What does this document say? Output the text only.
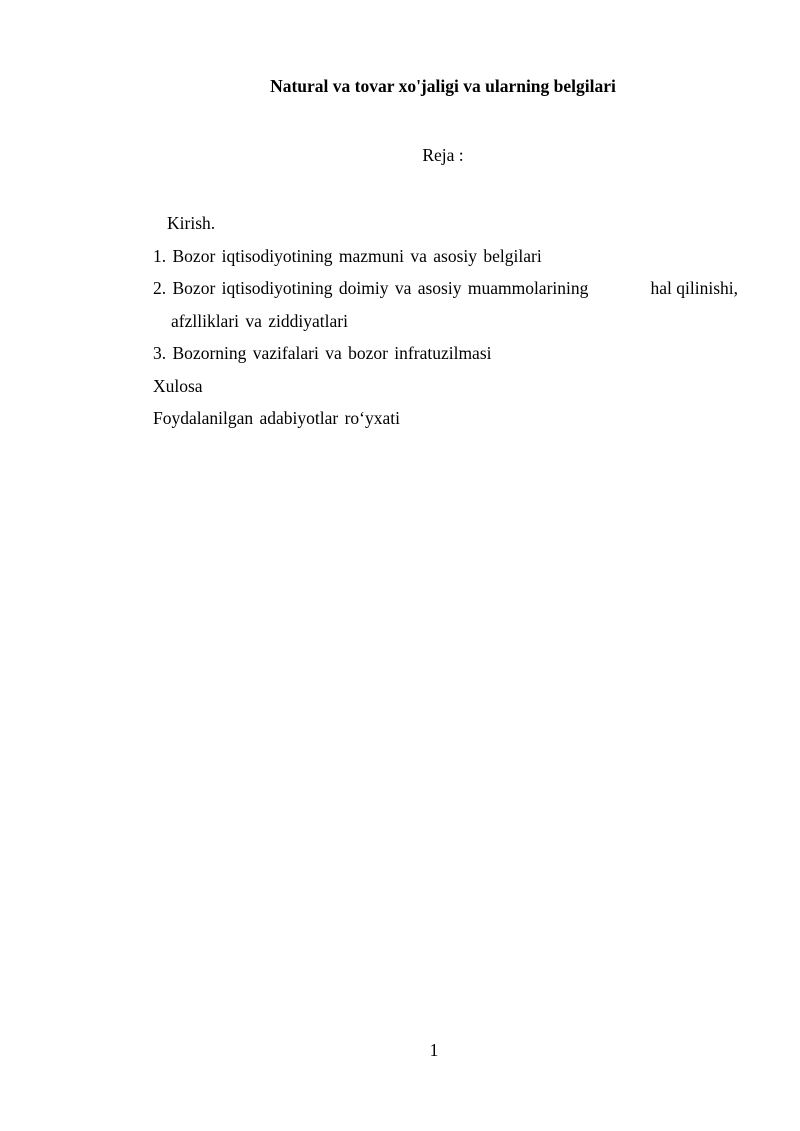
Natural va tovar xo'jaligi va ularning belgilari
Reja :
Kirish.
1. Bozor iqtisodiyotining mazmuni va asosiy belgilari
2. Bozor iqtisodiyotining doimiy va asosiy muammolarining	hal qilinishi,
afzlliklari va ziddiyatlari
3. Bozorning vazifalari va bozor infratuzilmasi
Xulosa
Foydalanilgan adabiyotlar ro‘yxati
1
